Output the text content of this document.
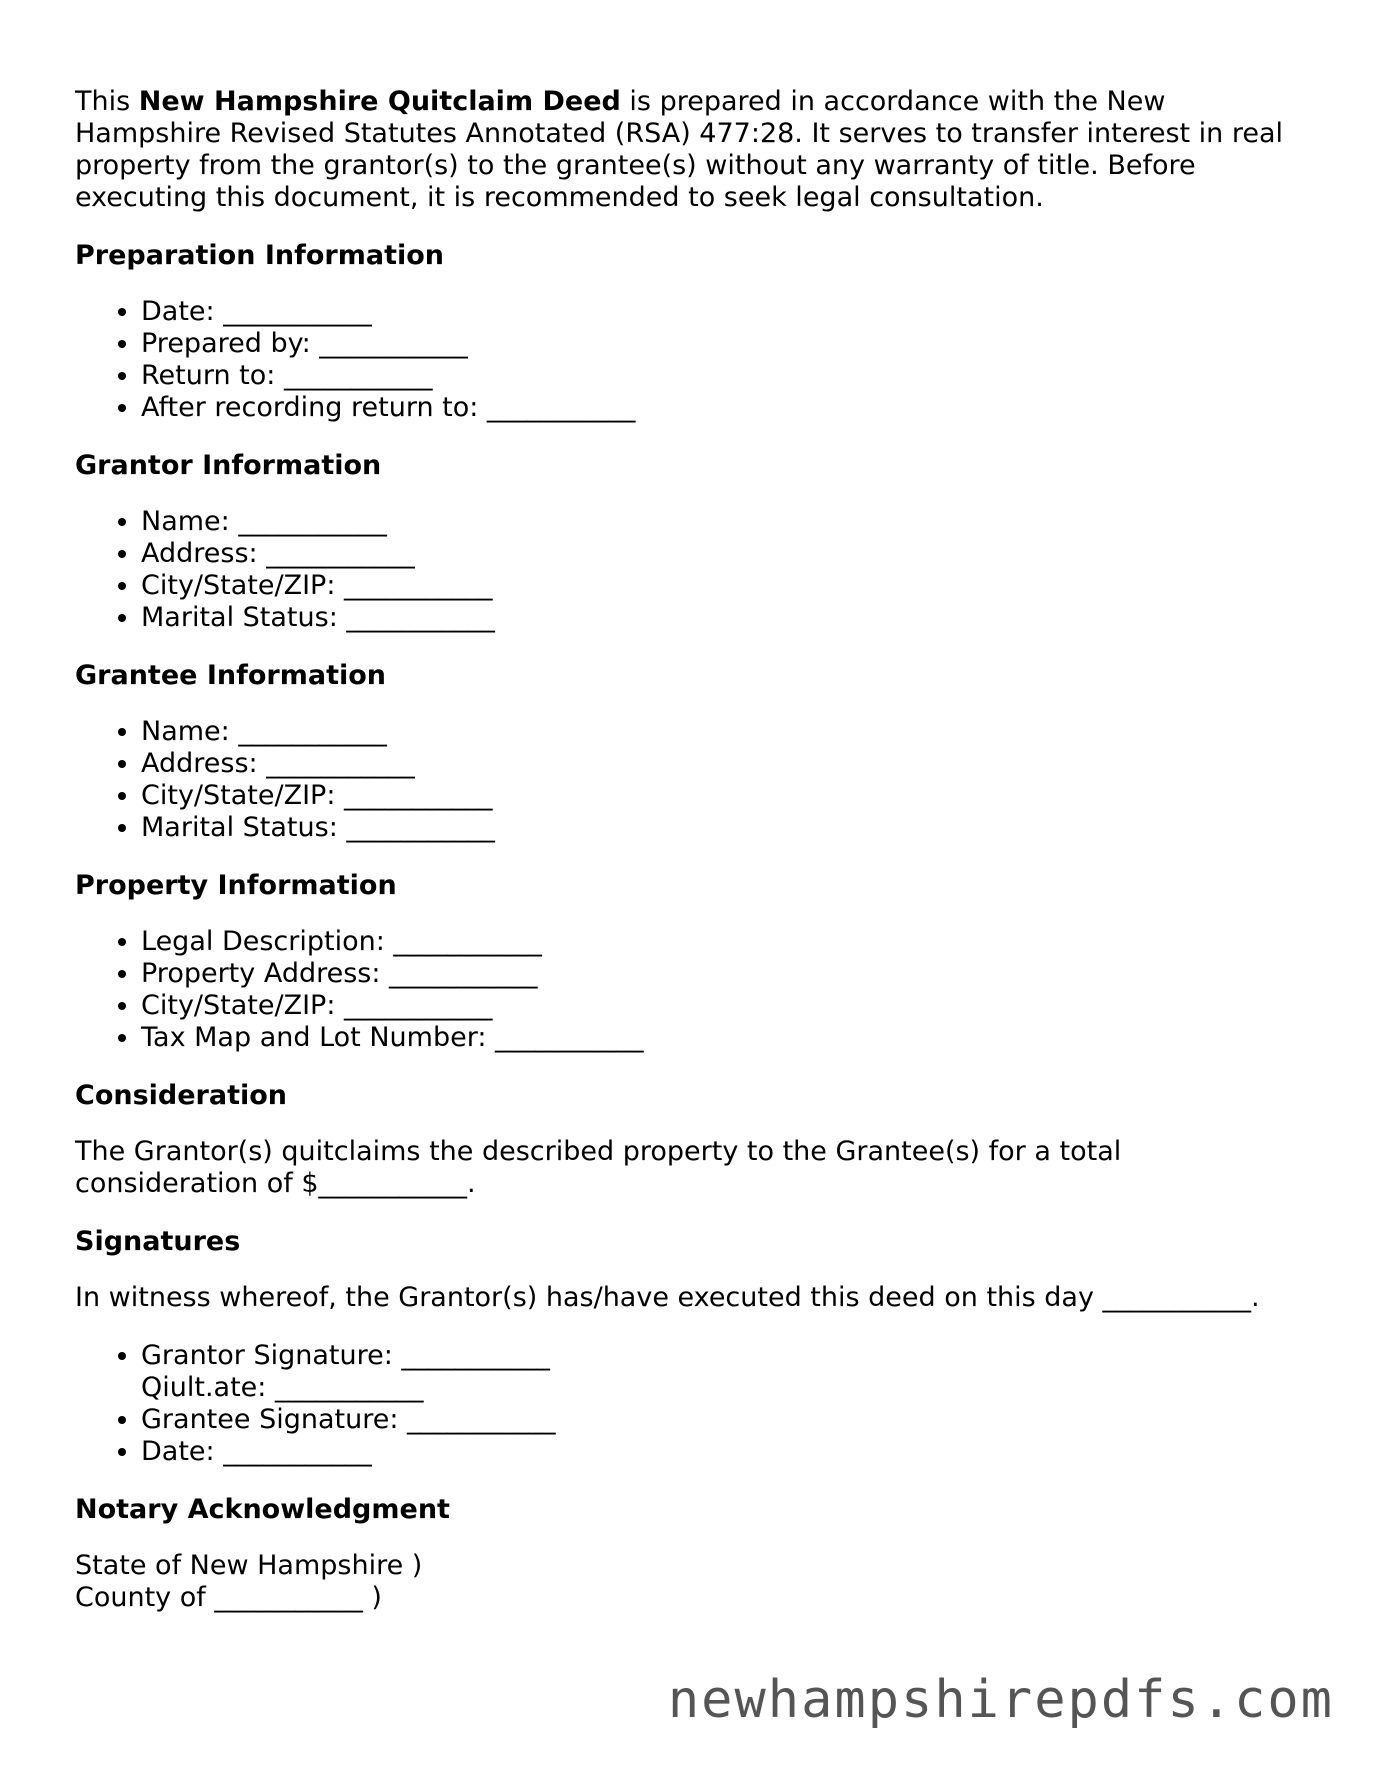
This New Hampshire Quitclaim Deed is prepared in accordance with the New Hampshire Revised Statutes Annotated (RSA) 477:28. It serves to transfer interest in real property from the grantor(s) to the grantee(s) without any warranty of title. Before executing this document, it is recommended to seek legal consultation.

Preparation Information
• Date: ___________
• Prepared by: ___________
• Return to: ___________
• After recording return to: ___________
Grantor Information
• Name: ___________
• Address: ___________
• City/State/ZIP: ___________
• Marital Status: ___________
Grantee Information
• Name: ___________
• Address: ___________
• City/State/ZIP: ___________
• Marital Status: ___________
Property Information
• Legal Description: ___________
• Property Address: ___________
• City/State/ZIP: ___________
• Tax Map and Lot Number: ___________
Consideration

The Grantor(s) quitclaims the described property to the Grantee(s) for a total consideration of $___________.

Signatures

In witness whereof, the Grantor(s) has/have executed this deed on this day ___________.

• Grantor Signature: ___________
Qiult.ate: ___________
• Grantee Signature: ___________
• Date: ___________
Notary Acknowledgment

State of New Hampshire )

County of ___________ )

newhampshirepdfs.com
